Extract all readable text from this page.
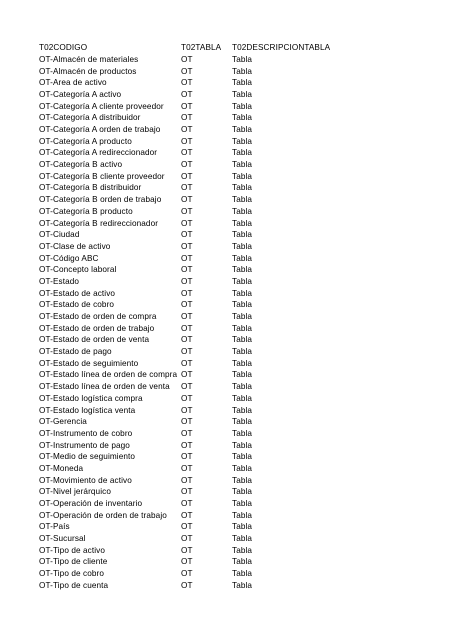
T02CODIGO	T02TABLA T02DESCRIPCIONTABLA
OT-Almacén de materiales	OT	Tabla
OT-Almacén de productos	OT	Tabla
OT-Area de activo	OT	Tabla
OT-Categoría A activo	OT	Tabla
OT-Categoría A cliente proveedor OT	Tabla
OT-Categoría A distribuidor	OT	Tabla
OT-Categoría A orden de trabajo	OT	Tabla
OT-Categoría A producto	OT	Tabla
OT-Categoría A redireccionador	OT	Tabla
OT-Categoría B activo	OT	Tabla
OT-Categoría B cliente proveedor OT	Tabla
OT-Categoría B distribuidor	OT	Tabla
OT-Categoría B orden de trabajo OT	Tabla
OT-Categoría B producto	OT	Tabla
OT-Categoría B redireccionador	OT	Tabla
OT-Ciudad	OT	Tabla
OT-Clase de activo	OT	Tabla
OT-Código ABC	OT	Tabla
OT-Concepto laboral	OT	Tabla
OT-Estado	OT	Tabla
OT-Estado de activo	OT	Tabla
OT-Estado de cobro	OT	Tabla
OT-Estado de orden de compra	OT	Tabla
OT-Estado de orden de trabajo	OT	Tabla
OT-Estado de orden de venta	OT	Tabla
OT-Estado de pago	OT	Tabla
OT-Estado de seguimiento	OT	Tabla
OT-Estado línea de orden de compra OT	Tabla
OT-Estado línea de orden de venta OT	Tabla
OT-Estado logística compra	OT	Tabla
OT-Estado logística venta	OT	Tabla
OT-Gerencia	OT	Tabla
OT-Instrumento de cobro	OT	Tabla
OT-Instrumento de pago	OT	Tabla
OT-Medio de seguimiento	OT	Tabla
OT-Moneda	OT	Tabla
OT-Movimiento de activo	OT	Tabla
OT-Nivel jerárquico	OT	Tabla
OT-Operación de inventario	OT	Tabla
OT-Operación de orden de trabajo OT	Tabla
OT-País	OT	Tabla
OT-Sucursal	OT	Tabla
OT-Tipo de activo	OT	Tabla
OT-Tipo de cliente	OT	Tabla
OT-Tipo de cobro	OT	Tabla
OT-Tipo de cuenta	OT	Tabla
